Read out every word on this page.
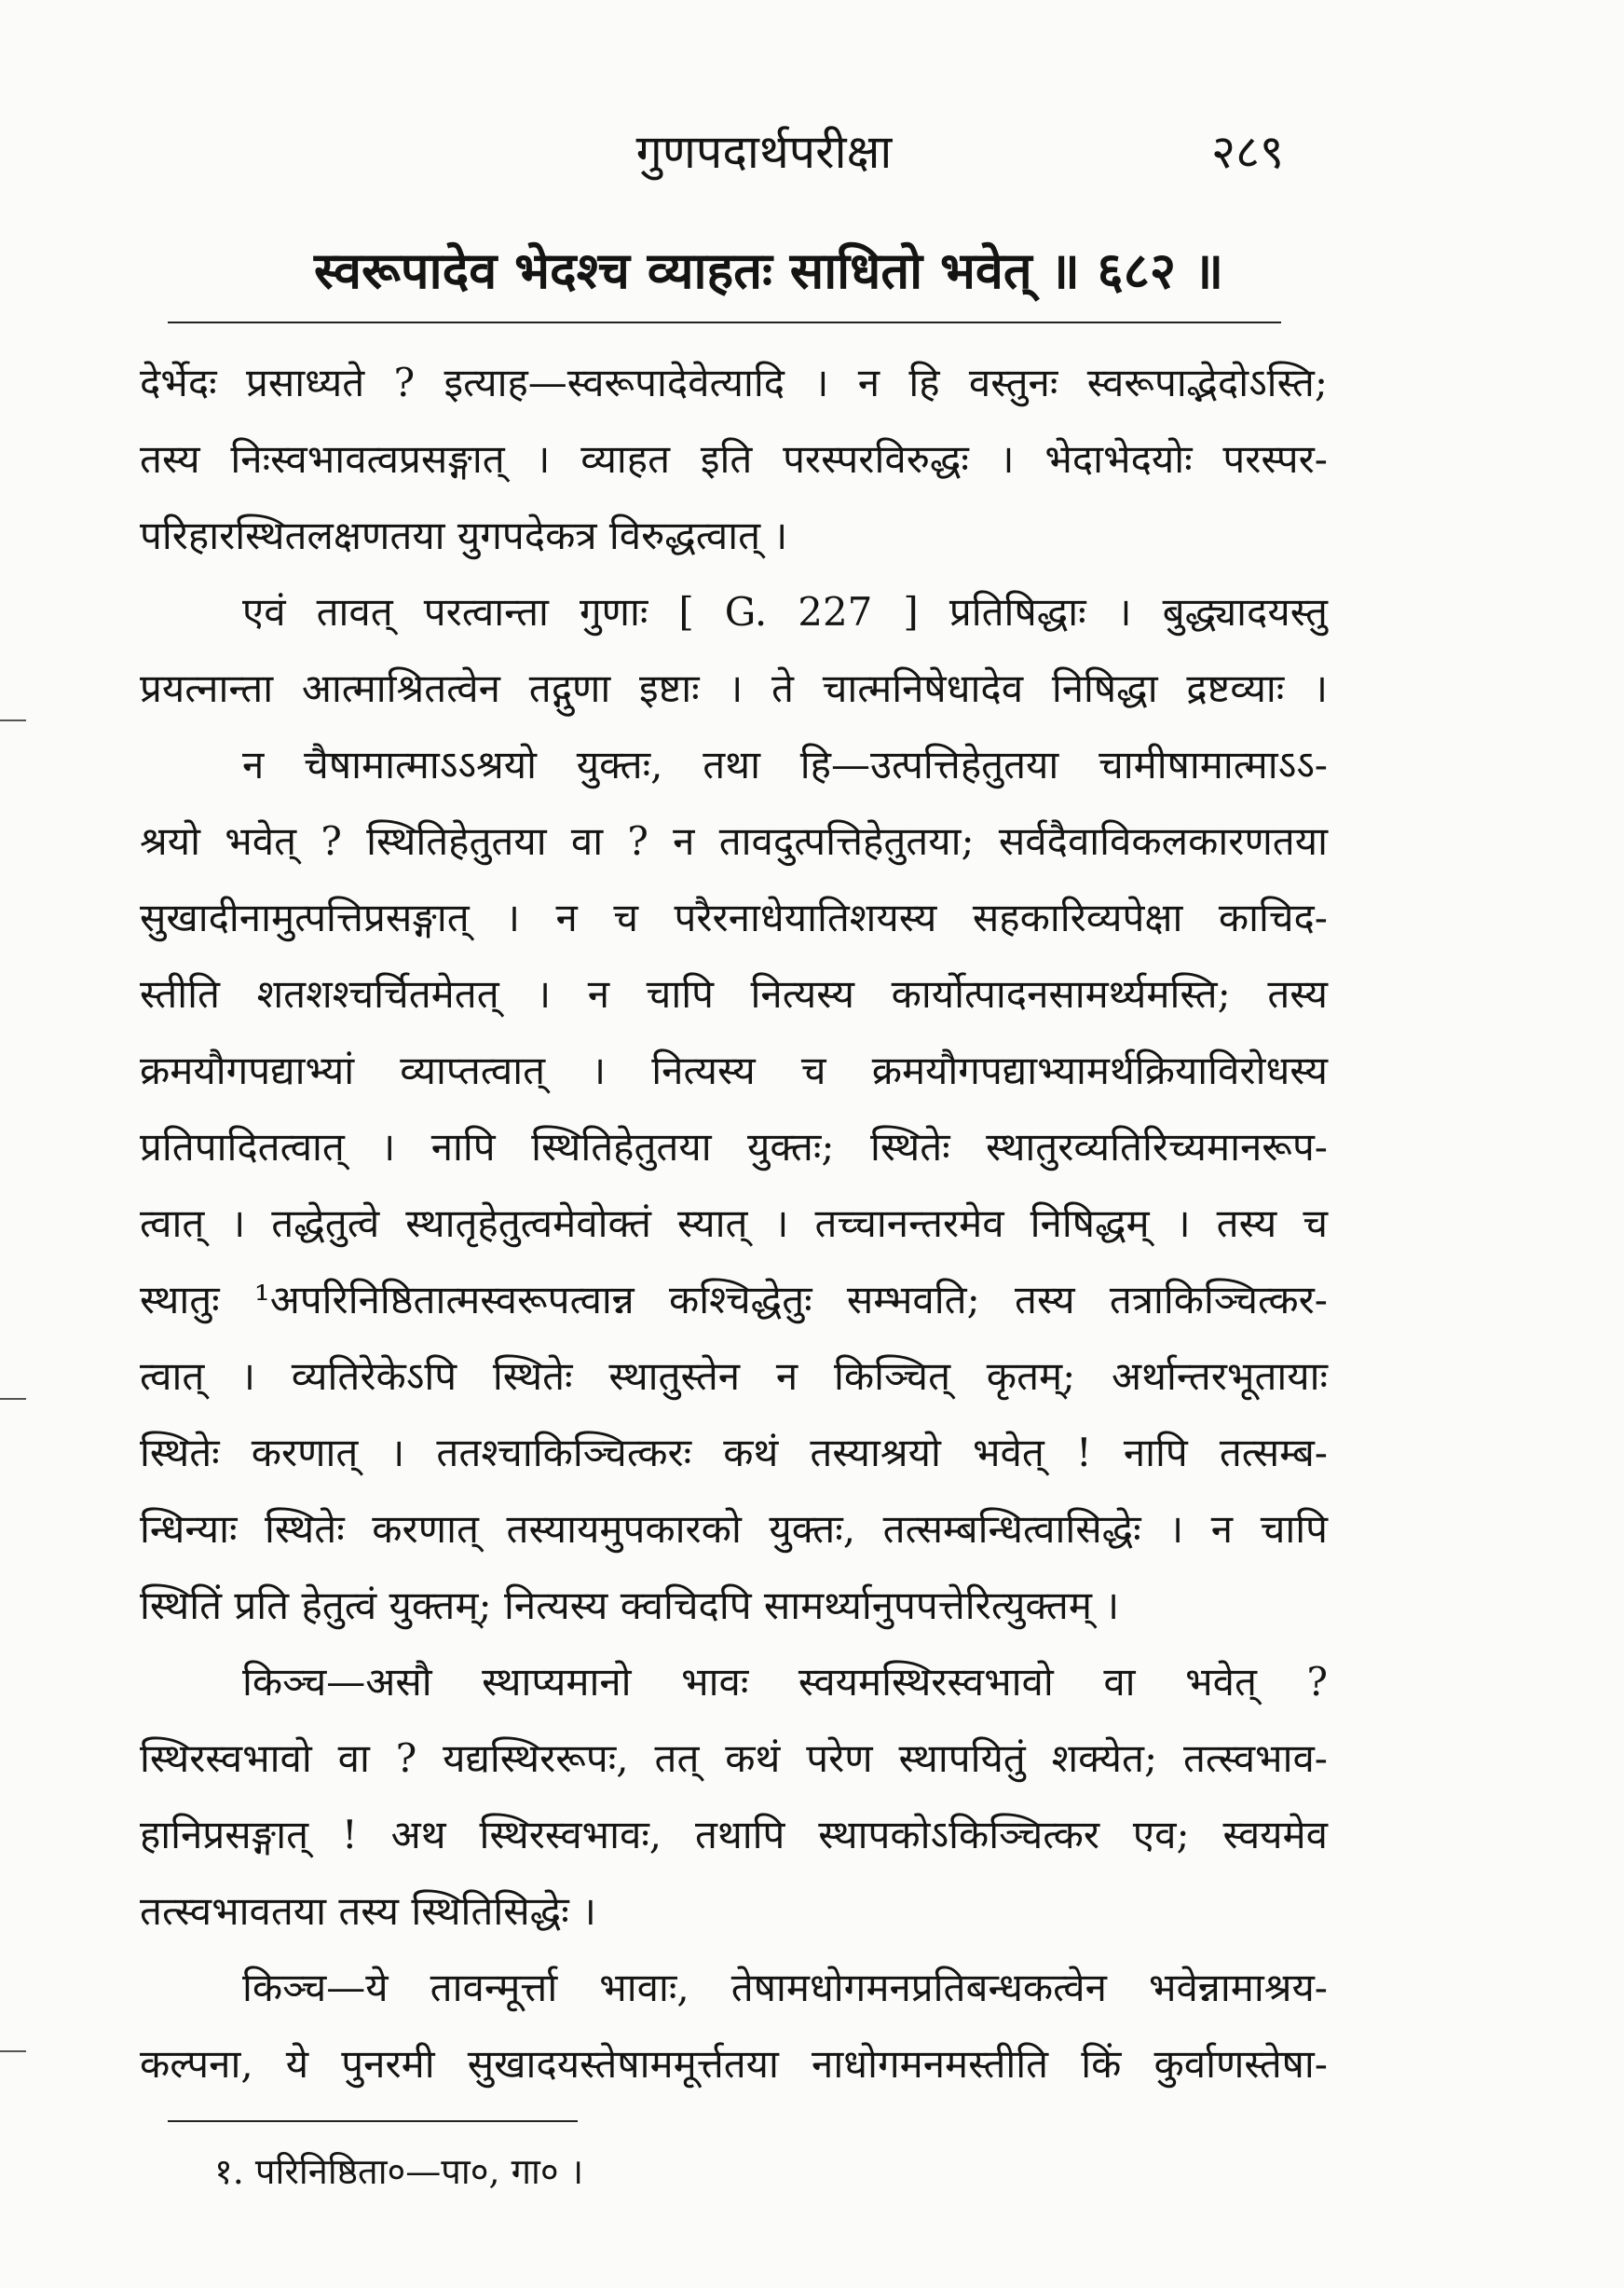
गुणपदार्थपरीक्षा	२८९
स्वरूपादेव भेदश्च व्याहतः साधितो भवेत् ॥ ६८२ ॥
देर्भेदः प्रसाध्यते ? इत्याह—स्वरूपादेवेत्यादि । न हि वस्तुनः स्वरूपाद्भेदोऽस्ति;
तस्य निःस्वभावत्वप्रसङ्गात् । व्याहत इति परस्परविरुद्धः । भेदाभेदयोः परस्पर-
परिहारस्थितलक्षणतया युगपदेकत्र विरुद्धत्वात् ।
एवं तावत् परत्वान्ता गुणाः [ G. 227 ] प्रतिषिद्धाः । बुद्ध्यादयस्तु
प्रयत्नान्ता आत्माश्रितत्वेन तद्गुणा इष्टाः । ते चात्मनिषेधादेव निषिद्धा द्रष्टव्याः ।
न चैषामात्माऽऽश्रयो युक्तः, तथा हि—उत्पत्तिहेतुतया चामीषामात्माऽऽ-
श्रयो भवेत् ? स्थितिहेतुतया वा ? न तावदुत्पत्तिहेतुतया; सर्वदैवाविकलकारणतया
सुखादीनामुत्पत्तिप्रसङ्गात् । न च परैरनाधेयातिशयस्य सहकारिव्यपेक्षा काचिद-
स्तीति शतशश्चर्चितमेतत् । न चापि नित्यस्य कार्योत्पादनसामर्थ्यमस्ति; तस्य
क्रमयौगपद्याभ्यां व्याप्तत्वात् । नित्यस्य च क्रमयौगपद्याभ्यामर्थक्रियाविरोधस्य
प्रतिपादितत्वात् । नापि स्थितिहेतुतया युक्तः; स्थितेः स्थातुरव्यतिरिच्यमानरूप-
त्वात् । तद्धेतुत्वे स्थातृहेतुत्वमेवोक्तं स्यात् । तच्चानन्तरमेव निषिद्धम् । तस्य च
स्थातुः ¹अपरिनिष्ठितात्मस्वरूपत्वान्न कश्चिद्धेतुः सम्भवति; तस्य तत्राकिञ्चित्कर-
त्वात् । व्यतिरेकेऽपि स्थितेः स्थातुस्तेन न किञ्चित् कृतम्; अर्थान्तरभूतायाः
स्थितेः करणात् । ततश्चाकिञ्चित्करः कथं तस्याश्रयो भवेत् ! नापि तत्सम्ब-
न्धिन्याः स्थितेः करणात् तस्यायमुपकारको युक्तः, तत्सम्बन्धित्वासिद्धेः । न चापि
स्थितिं प्रति हेतुत्वं युक्तम्; नित्यस्य क्वचिदपि सामर्थ्यानुपपत्तेरित्युक्तम् ।
किञ्च—असौ स्थाप्यमानो भावः स्वयमस्थिरस्वभावो वा भवेत् ?
स्थिरस्वभावो वा ? यद्यस्थिररूपः, तत् कथं परेण स्थापयितुं शक्येत; तत्स्वभाव-
हानिप्रसङ्गात् ! अथ स्थिरस्वभावः, तथापि स्थापकोऽकिञ्चित्कर एव; स्वयमेव
तत्स्वभावतया तस्य स्थितिसिद्धेः ।
किञ्च—ये तावन्मूर्त्ता भावाः, तेषामधोगमनप्रतिबन्धकत्वेन भवेन्नामाश्रय-
कल्पना, ये पुनरमी सुखादयस्तेषाममूर्त्ततया नाधोगमनमस्तीति किं कुर्वाणस्तेषा-
१. परिनिष्ठिता०—पा०, गा० ।
